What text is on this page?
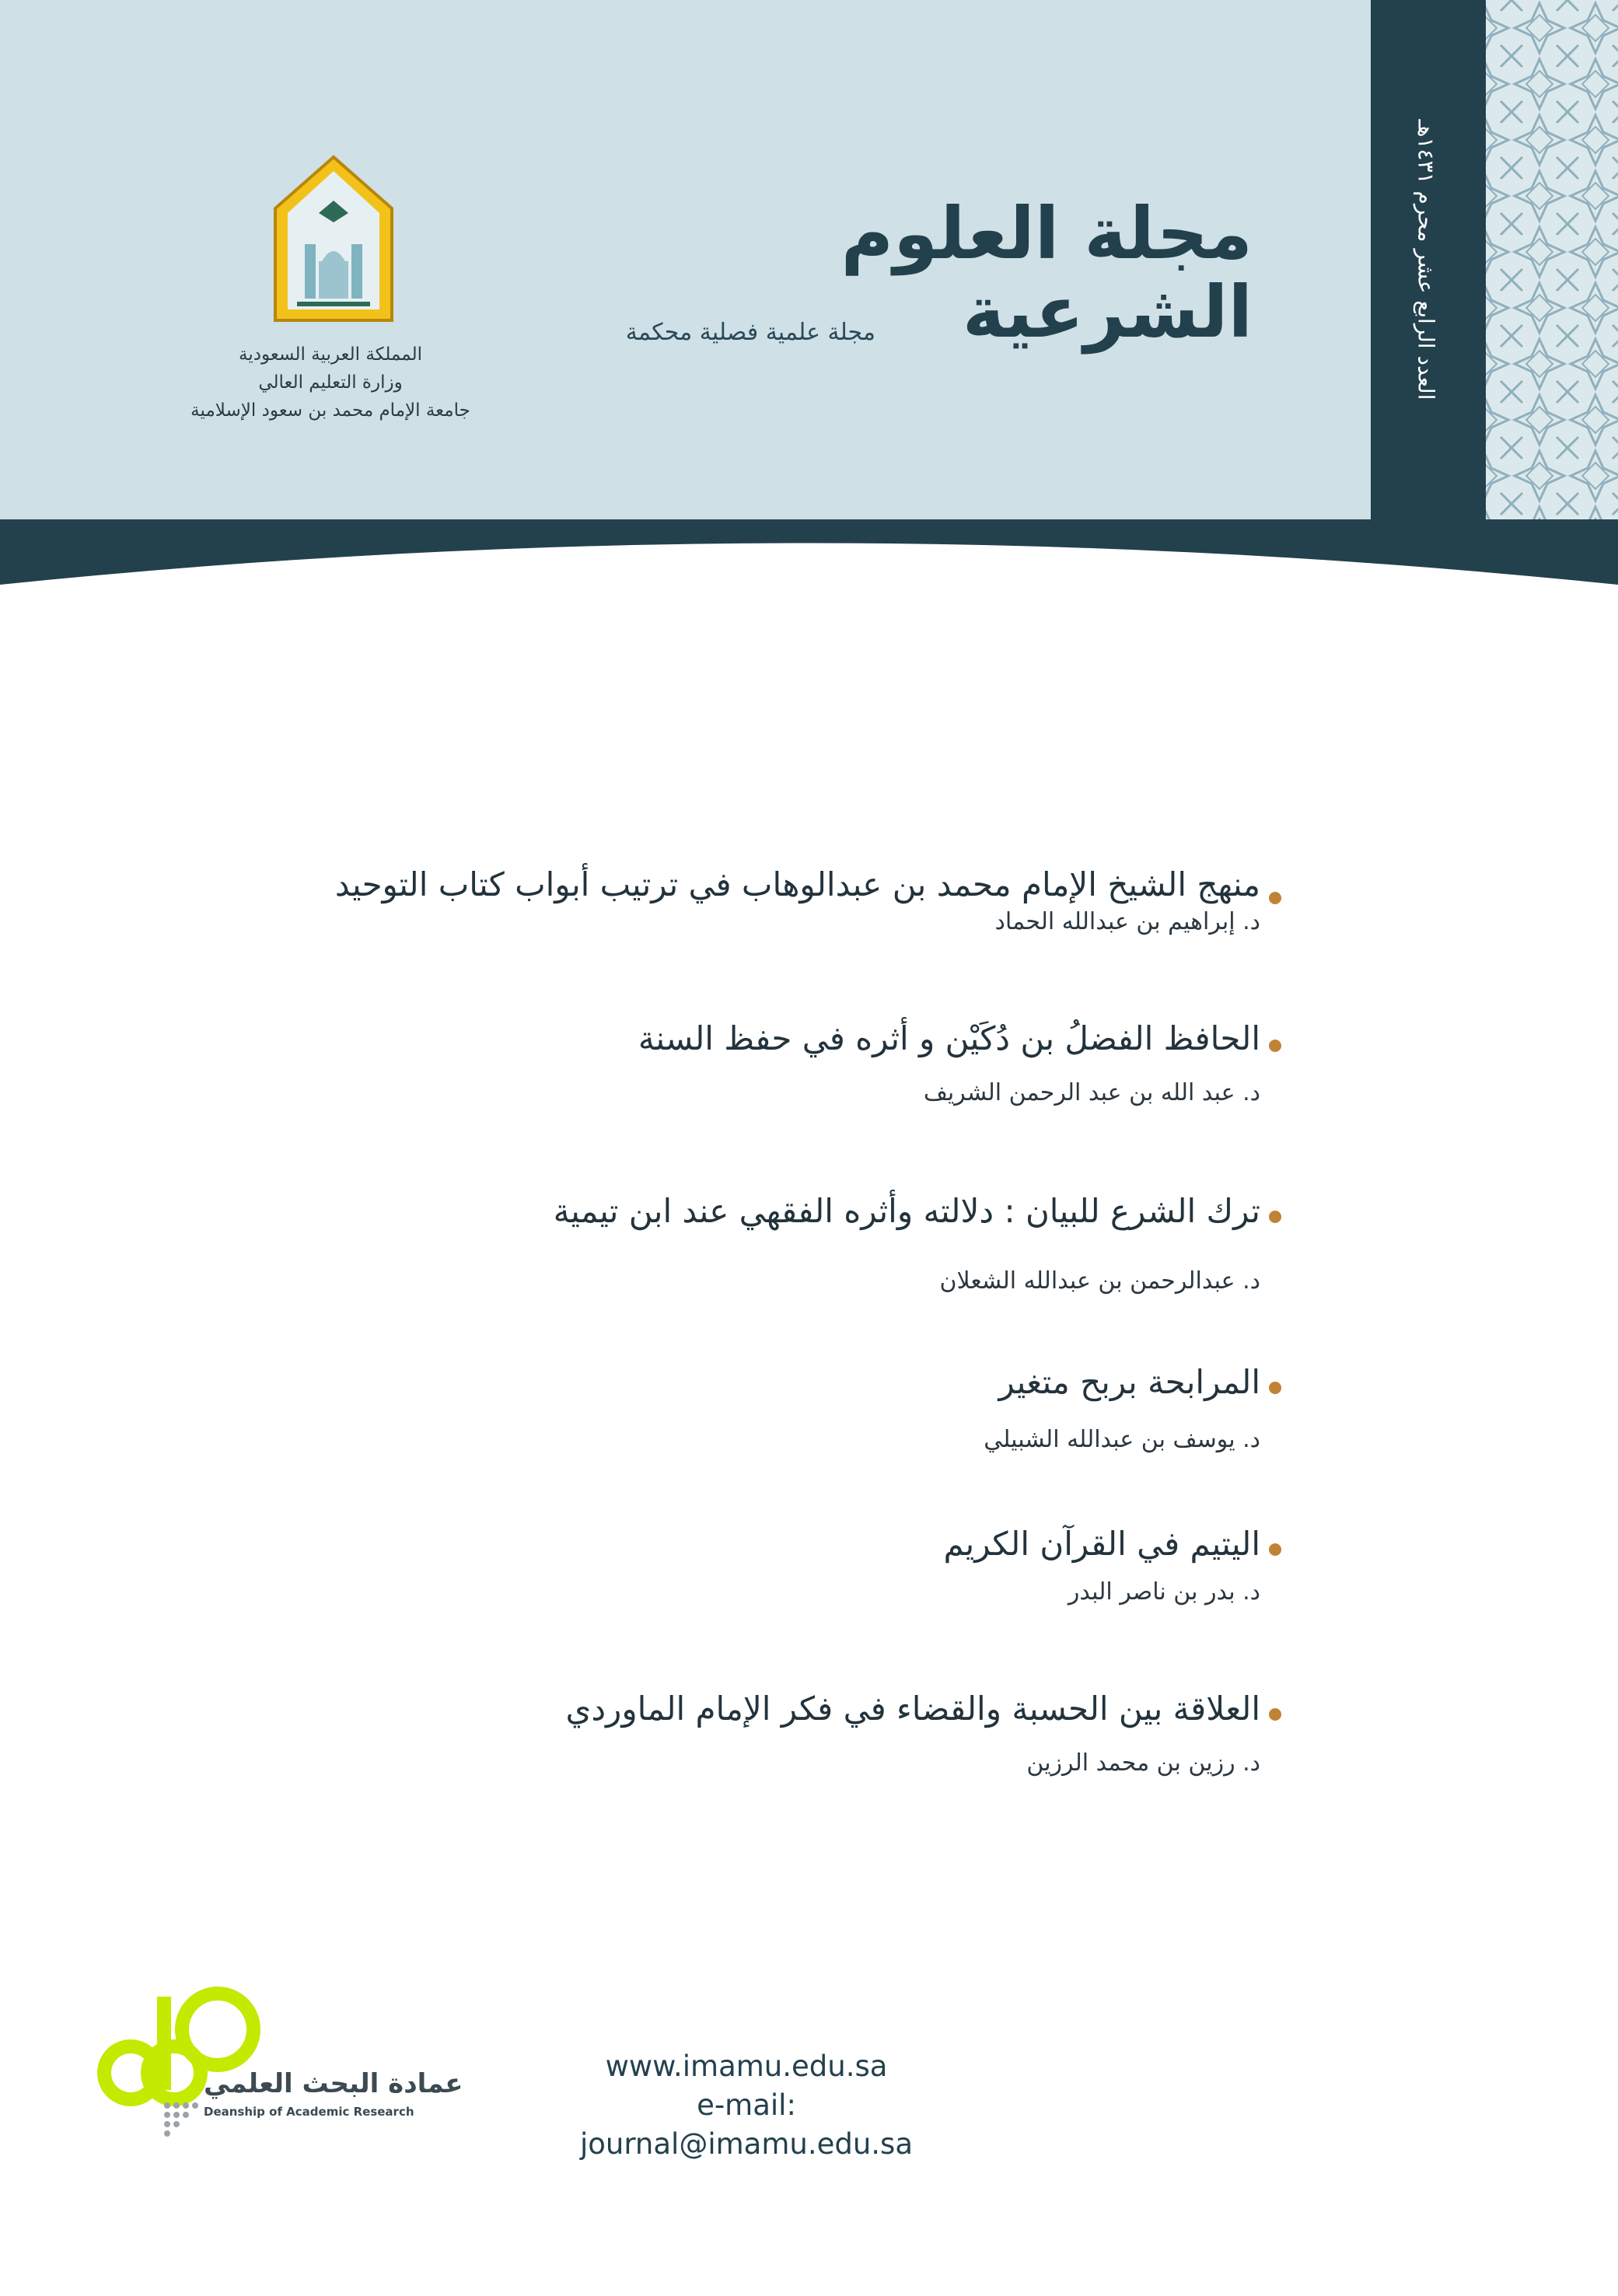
العدد الرابع عشر محرم ١٤٣١هـ
مجلة العلوم الشرعية
مجلة علمية فصلية محكمة
المملكة العربية السعودية
وزارة التعليم العالي
جامعة الإمام محمد بن سعود الإسلامية
منهج الشيخ الإمام محمد بن عبدالوهاب في ترتيب أبواب كتاب التوحيد
د. إبراهيم بن عبدالله الحماد
الحافظ الفضلُ بن دُكَيْن و أثره في حفظ السنة
د. عبد الله بن عبد الرحمن الشريف
ترك الشرع للبيان : دلالته وأثره الفقهي عند ابن تيمية
د. عبدالرحمن بن عبدالله الشعلان
المرابحة بربح متغير
د. يوسف بن عبدالله الشبيلي
اليتيم في القرآن الكريم
د. بدر بن ناصر البدر
العلاقة بين الحسبة والقضاء في فكر الإمام الماوردي
د. رزين بن محمد الرزين
عمادة البحث العلمي
Deanship of Academic Research
www.imamu.edu.sa
e-mail: journal@imamu.edu.sa
